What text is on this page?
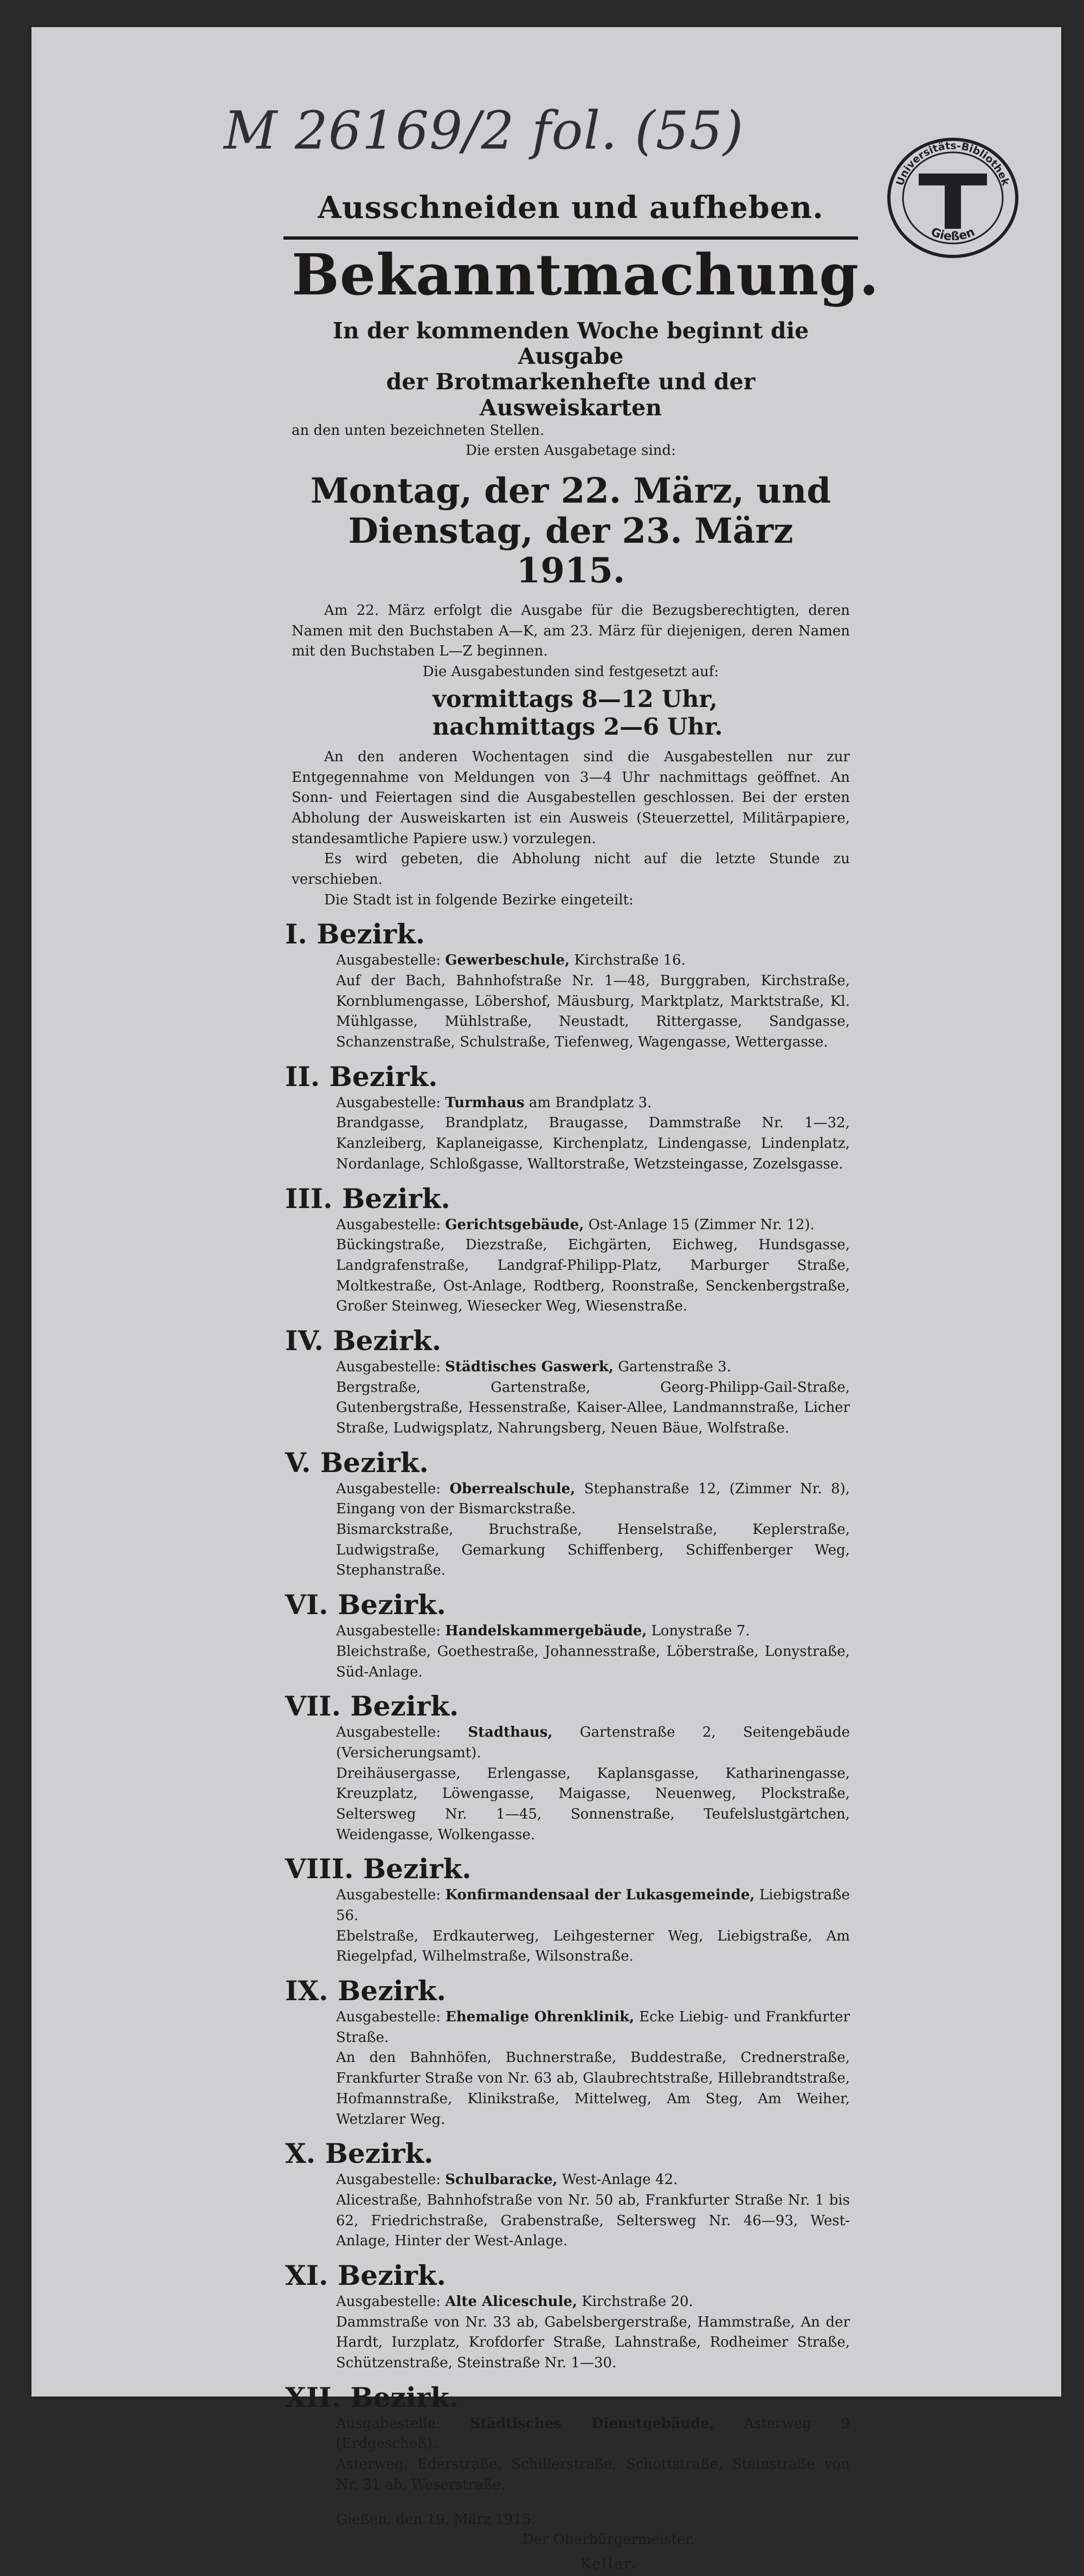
M 26169/2 fol. (55)
Universitäts-Bibliothek
Gießen
Ausschneiden und aufheben.
Bekanntmachung.
In der kommenden Woche beginnt die Ausgabe
der Brotmarkenhefte und der Ausweiskarten
an den unten bezeichneten Stellen.
Die ersten Ausgabetage sind:
Montag, der 22. März, und
Dienstag, der 23. März 1915.
Am 22. März erfolgt die Ausgabe für die Bezugsberechtigten, deren Namen mit den Buchstaben A—K, am 23. März für diejenigen, deren Namen mit den Buchstaben L—Z beginnen.
Die Ausgabestunden sind festgesetzt auf:
vormittags 8—12 Uhr,
nachmittags 2—6 Uhr.
An den anderen Wochentagen sind die Ausgabestellen nur zur Entgegennahme von Meldungen von 3—4 Uhr nachmittags geöffnet. An Sonn- und Feiertagen sind die Ausgabestellen geschlossen. Bei der ersten Abholung der Ausweiskarten ist ein Ausweis (Steuerzettel, Militärpapiere, standesamtliche Papiere usw.) vorzulegen.
Es wird gebeten, die Abholung nicht auf die letzte Stunde zu verschieben.
Die Stadt ist in folgende Bezirke eingeteilt:
I. Bezirk.
Ausgabestelle: Gewerbeschule, Kirchstraße 16.
Auf der Bach, Bahnhofstraße Nr. 1—48, Burggraben, Kirchstraße, Kornblumengasse, Löbershof, Mäusburg, Marktplatz, Marktstraße, Kl. Mühlgasse, Mühlstraße, Neustadt, Rittergasse, Sandgasse, Schanzenstraße, Schulstraße, Tiefenweg, Wagengasse, Wettergasse.
II. Bezirk.
Ausgabestelle: Turmhaus am Brandplatz 3.
Brandgasse, Brandplatz, Braugasse, Dammstraße Nr. 1—32, Kanzleiberg, Kaplaneigasse, Kirchenplatz, Lindengasse, Lindenplatz, Nordanlage, Schloßgasse, Walltorstraße, Wetzsteingasse, Zozelsgasse.
III. Bezirk.
Ausgabestelle: Gerichtsgebäude, Ost-Anlage 15 (Zimmer Nr. 12).
Bückingstraße, Diezstraße, Eichgärten, Eichweg, Hundsgasse, Landgrafenstraße, Landgraf-Philipp-Platz, Marburger Straße, Moltkestraße, Ost-Anlage, Rodtberg, Roonstraße, Senckenbergstraße, Großer Steinweg, Wiesecker Weg, Wiesenstraße.
IV. Bezirk.
Ausgabestelle: Städtisches Gaswerk, Gartenstraße 3.
Bergstraße, Gartenstraße, Georg-Philipp-Gail-Straße, Gutenbergstraße, Hessenstraße, Kaiser-Allee, Landmannstraße, Licher Straße, Ludwigsplatz, Nahrungsberg, Neuen Bäue, Wolfstraße.
V. Bezirk.
Ausgabestelle: Oberrealschule, Stephanstraße 12, (Zimmer Nr. 8), Eingang von der Bismarckstraße.
Bismarckstraße, Bruchstraße, Henselstraße, Keplerstraße, Ludwigstraße, Gemarkung Schiffenberg, Schiffenberger Weg, Stephanstraße.
VI. Bezirk.
Ausgabestelle: Handelskammergebäude, Lonystraße 7.
Bleichstraße, Goethestraße, Johannesstraße, Löberstraße, Lonystraße, Süd-Anlage.
VII. Bezirk.
Ausgabestelle: Stadthaus, Gartenstraße 2, Seitengebäude (Versicherungsamt).
Dreihäusergasse, Erlengasse, Kaplansgasse, Katharinengasse, Kreuzplatz, Löwengasse, Maigasse, Neuenweg, Plockstraße, Seltersweg Nr. 1—45, Sonnenstraße, Teufelslustgärtchen, Weidengasse, Wolkengasse.
VIII. Bezirk.
Ausgabestelle: Konfirmandensaal der Lukasgemeinde, Liebigstraße 56.
Ebelstraße, Erdkauterweg, Leihgesterner Weg, Liebigstraße, Am Riegelpfad, Wilhelmstraße, Wilsonstraße.
IX. Bezirk.
Ausgabestelle: Ehemalige Ohrenklinik, Ecke Liebig- und Frankfurter Straße.
An den Bahnhöfen, Buchnerstraße, Buddestraße, Crednerstraße, Frankfurter Straße von Nr. 63 ab, Glaubrechtstraße, Hillebrandtstraße, Hofmannstraße, Klinikstraße, Mittelweg, Am Steg, Am Weiher, Wetzlarer Weg.
X. Bezirk.
Ausgabestelle: Schulbaracke, West-Anlage 42.
Alicestraße, Bahnhofstraße von Nr. 50 ab, Frankfurter Straße Nr. 1 bis 62, Friedrichstraße, Grabenstraße, Seltersweg Nr. 46—93, West-Anlage, Hinter der West-Anlage.
XI. Bezirk.
Ausgabestelle: Alte Aliceschule, Kirchstraße 20.
Dammstraße von Nr. 33 ab, Gabelsbergerstraße, Hammstraße, An der Hardt, Iurzplatz, Krofdorfer Straße, Lahnstraße, Rodheimer Straße, Schützenstraße, Steinstraße Nr. 1—30.
XII. Bezirk.
Ausgabestelle: Städtisches Dienstgebäude, Asterweg 9 (Erdgeschoß).
Asterweg, Ederstraße, Schillerstraße, Schottstraße, Steinstraße von Nr. 31 ab, Weserstraße.
Gießen, den 19. März 1915.
Der Oberbürgermeister.
Keller.
